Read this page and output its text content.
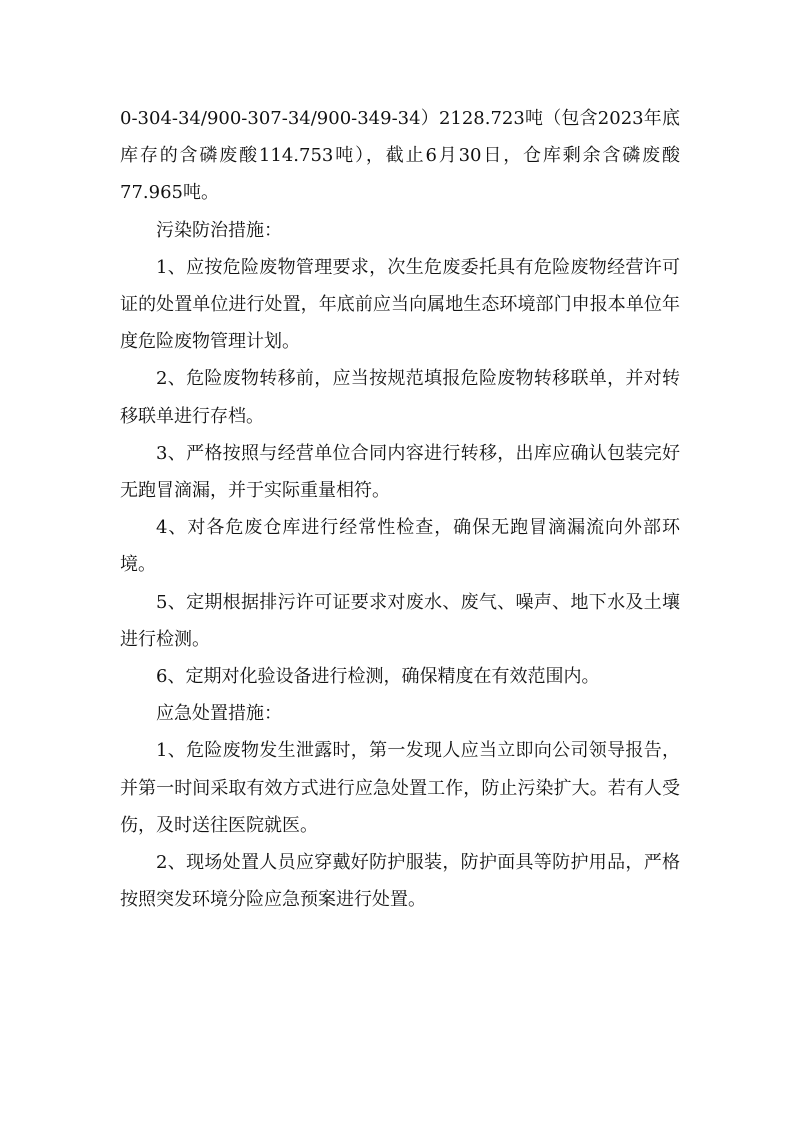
0-304-34/900-307-34/900-349-34）2128.723吨（包含2023年底库存的含磷废酸114.753吨），截止6月30日，仓库剩余含磷废酸77.965吨。

污染防治措施：

1、应按危险废物管理要求，次生危废委托具有危险废物经营许可证的处置单位进行处置，年底前应当向属地生态环境部门申报本单位年度危险废物管理计划。

2、危险废物转移前，应当按规范填报危险废物转移联单，并对转移联单进行存档。

3、严格按照与经营单位合同内容进行转移，出库应确认包装完好无跑冒滴漏，并于实际重量相符。

4、对各危废仓库进行经常性检查，确保无跑冒滴漏流向外部环境。

5、定期根据排污许可证要求对废水、废气、噪声、地下水及土壤进行检测。

6、定期对化验设备进行检测，确保精度在有效范围内。

应急处置措施：

1、危险废物发生泄露时，第一发现人应当立即向公司领导报告，并第一时间采取有效方式进行应急处置工作，防止污染扩大。若有人受伤，及时送往医院就医。

2、现场处置人员应穿戴好防护服装，防护面具等防护用品，严格按照突发环境分险应急预案进行处置。
